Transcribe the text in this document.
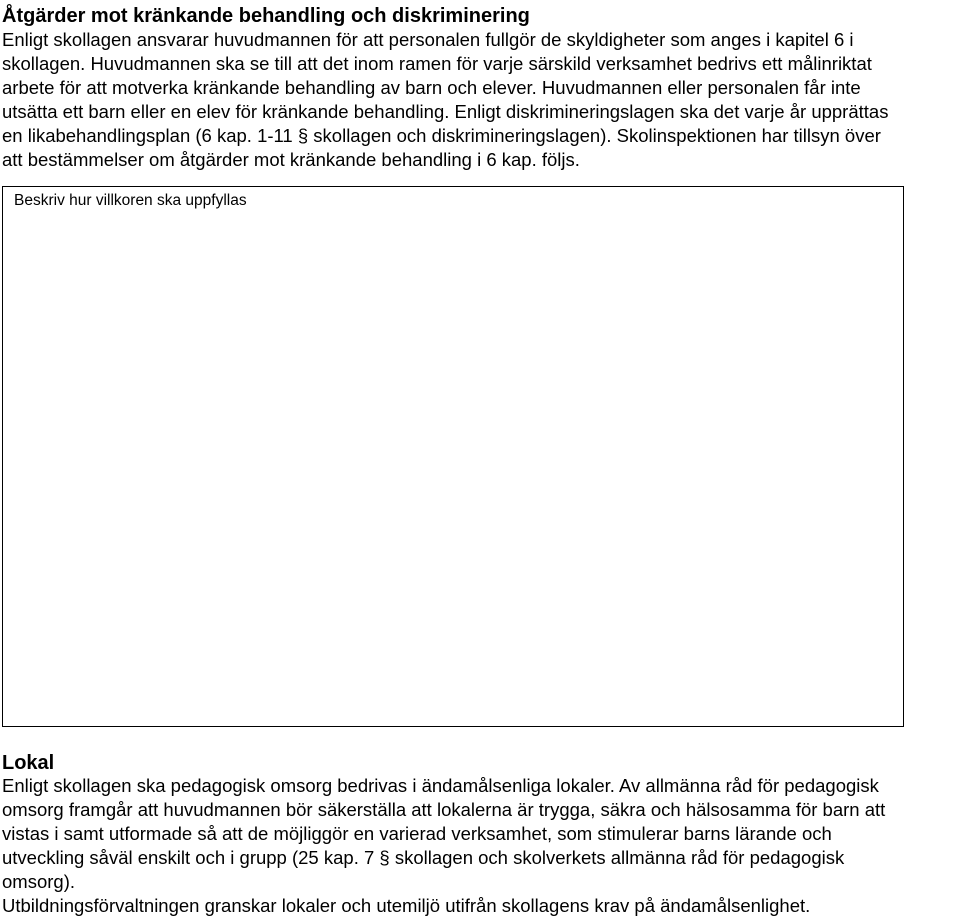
Åtgärder mot kränkande behandling och diskriminering
Enligt skollagen ansvarar huvudmannen för att personalen fullgör de skyldigheter som anges i kapitel 6 i
skollagen. Huvudmannen ska se till att det inom ramen för varje särskild verksamhet bedrivs ett målinriktat
arbete för att motverka kränkande behandling av barn och elever. Huvudmannen eller personalen får inte
utsätta ett barn eller en elev för kränkande behandling. Enligt diskrimineringslagen ska det varje år upprättas
en likabehandlingsplan (6 kap. 1-11 § skollagen och diskrimineringslagen). Skolinspektionen har tillsyn över
att bestämmelser om åtgärder mot kränkande behandling i 6 kap. följs.
Beskriv hur villkoren ska uppfyllas
Lokal
Enligt skollagen ska pedagogisk omsorg bedrivas i ändamålsenliga lokaler. Av allmänna råd för pedagogisk
omsorg framgår att huvudmannen bör säkerställa att lokalerna är trygga, säkra och hälsosamma för barn att
vistas i samt utformade så att de möjliggör en varierad verksamhet, som stimulerar barns lärande och
utveckling såväl enskilt och i grupp (25 kap. 7 § skollagen och skolverkets allmänna råd för pedagogisk
omsorg).
Utbildningsförvaltningen granskar lokaler och utemiljö utifrån skollagens krav på ändamålsenlighet.
